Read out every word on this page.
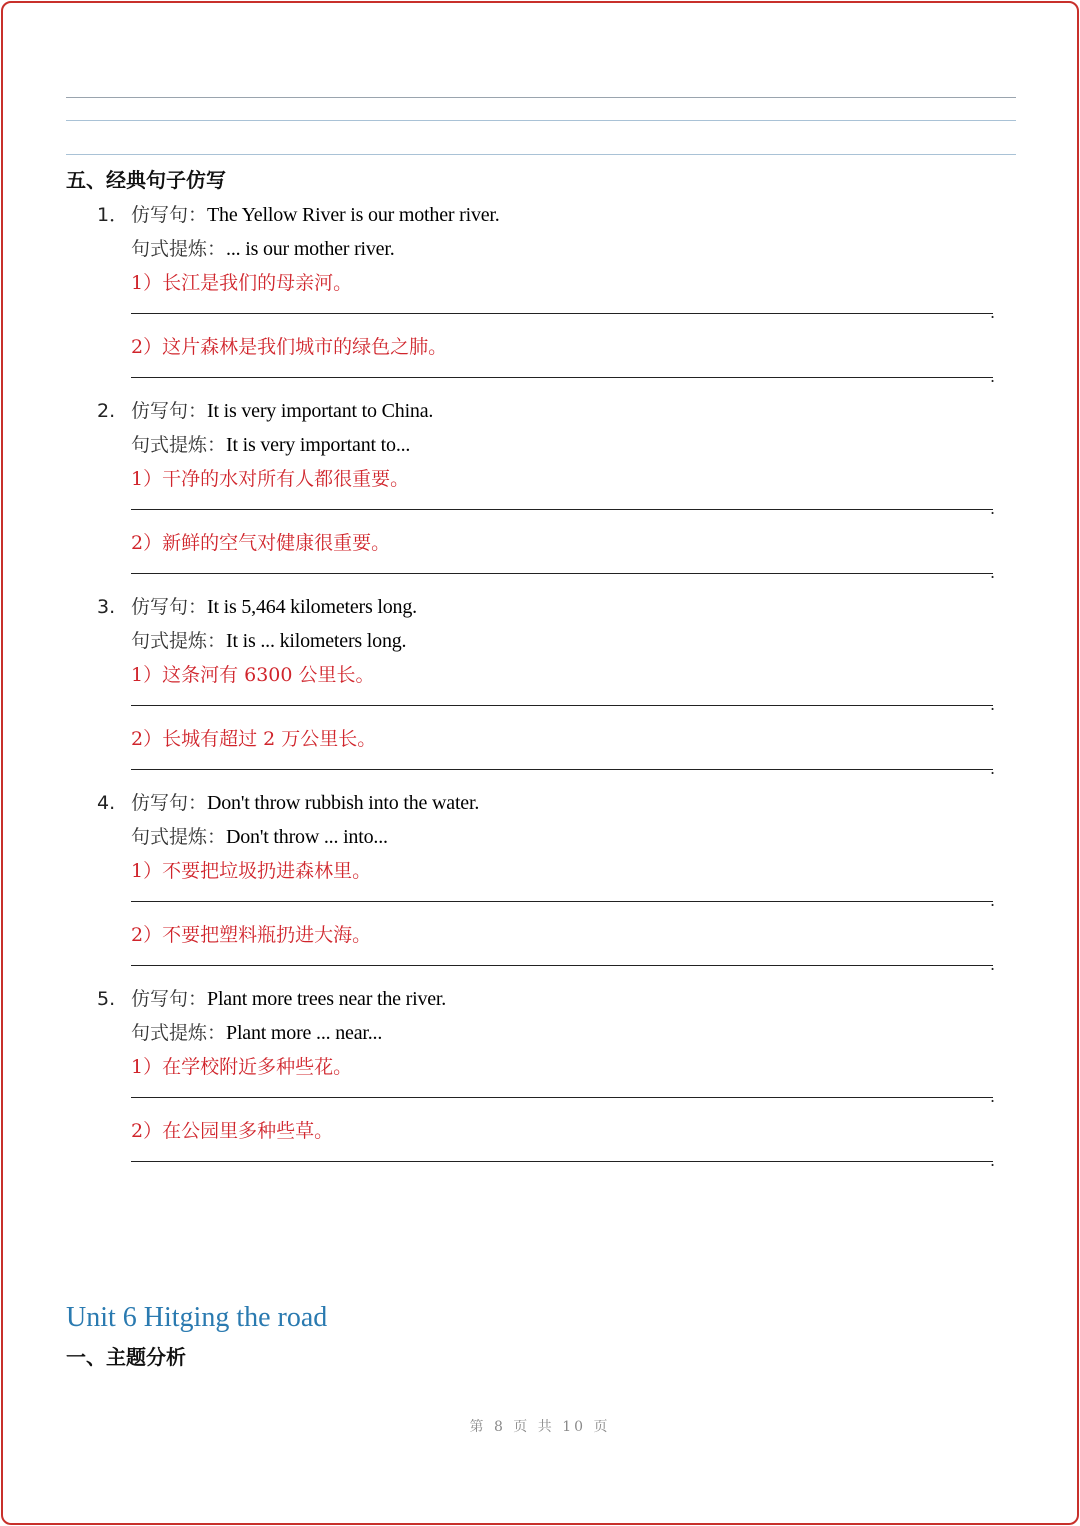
五、经典句子仿写
1． 仿写句：The Yellow River is our mother river.
句式提炼：... is our mother river.
1）长江是我们的母亲河。
.
2）这片森林是我们城市的绿色之肺。
.
2. 仿写句：It is very important to China.
句式提炼：It is very important to...
1）干净的水对所有人都很重要。
.
2）新鲜的空气对健康很重要。
.
3. 仿写句：It is 5,464 kilometers long.
句式提炼：It is ... kilometers long.
1）这条河有 6300 公里长。
.
2）长城有超过 2 万公里长。
.
4. 仿写句：Don't throw rubbish into the water.
句式提炼：Don't throw ... into...
1）不要把垃圾扔进森林里。
.
2）不要把塑料瓶扔进大海。
.
5. 仿写句：Plant more trees near the river.
句式提炼：Plant more ... near...
1）在学校附近多种些花。
.
2）在公园里多种些草。
.
Unit 6 Hitging the road
一、主题分析
第 8 页 共 10 页
